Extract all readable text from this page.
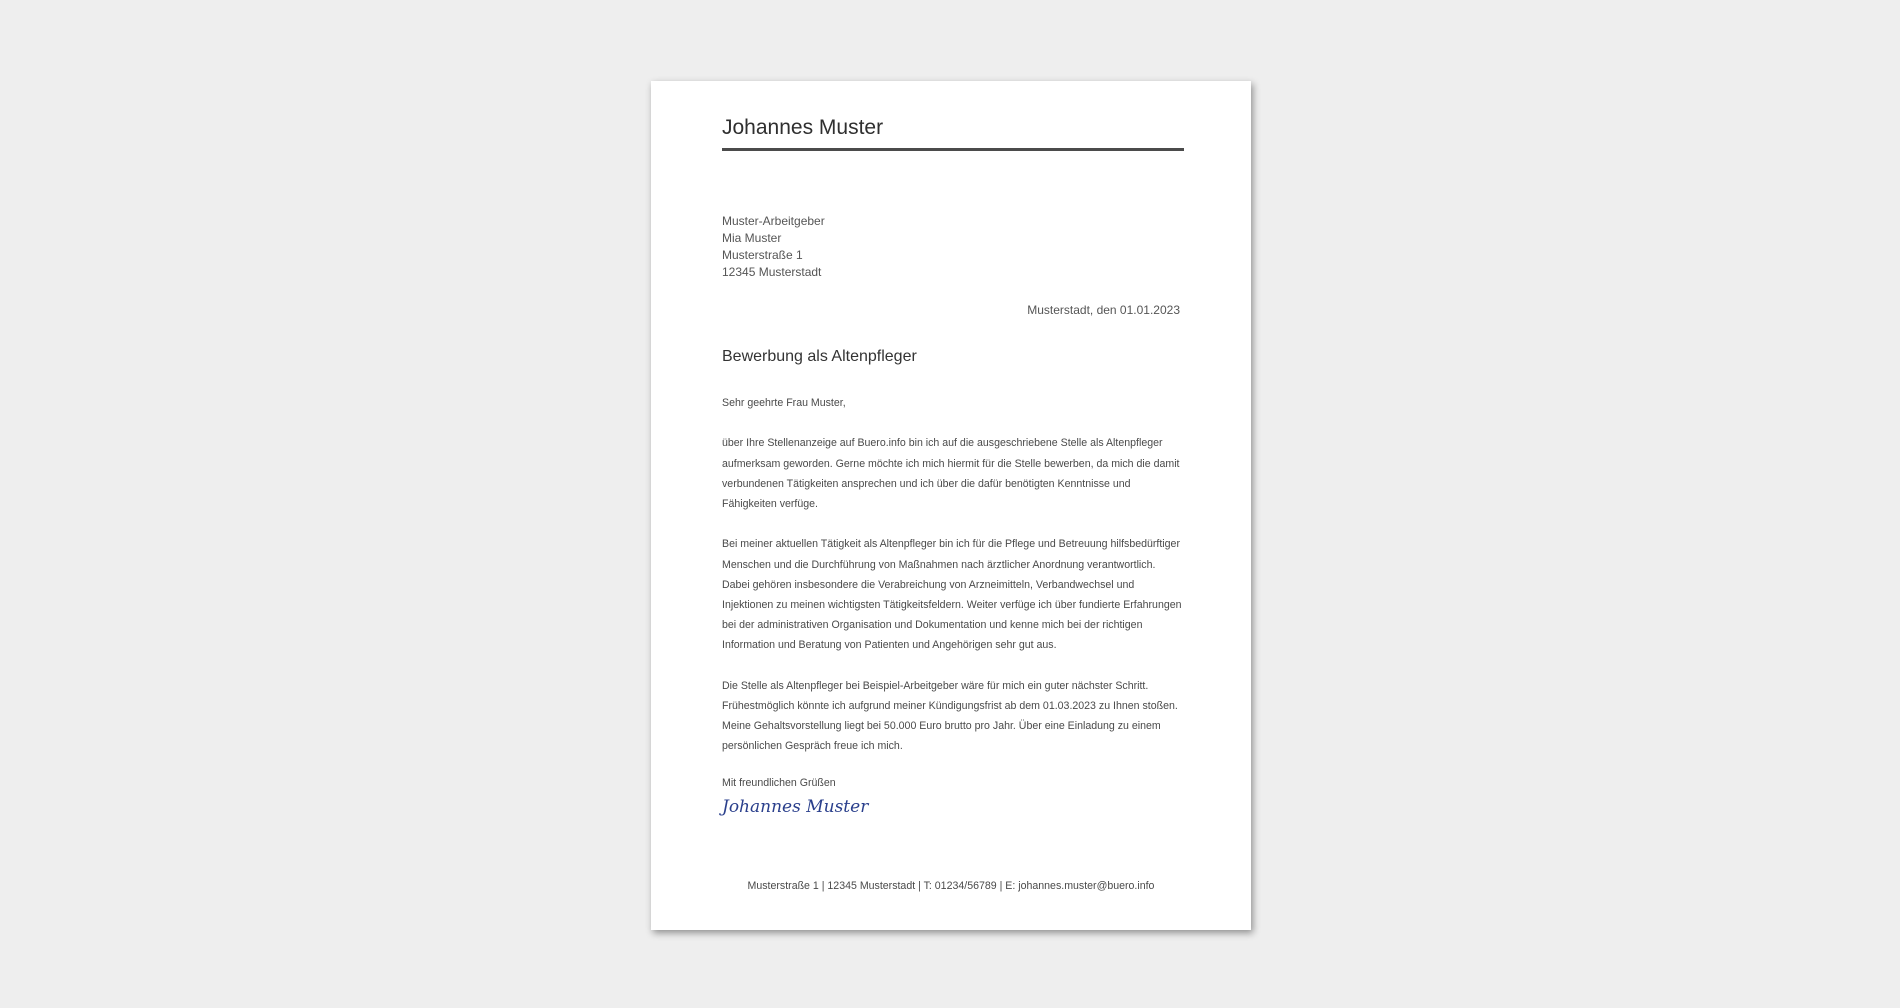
Johannes Muster
Muster-Arbeitgeber
Mia Muster
Musterstraße 1
12345 Musterstadt
Musterstadt, den 01.01.2023
Bewerbung als Altenpfleger

Sehr geehrte Frau Muster,

über Ihre Stellenanzeige auf Buero.info bin ich auf die ausgeschriebene Stelle als Altenpfleger aufmerksam geworden. Gerne möchte ich mich hiermit für die Stelle bewerben, da mich die damit verbundenen Tätigkeiten ansprechen und ich über die dafür benötigten Kenntnisse und Fähigkeiten verfüge.

Bei meiner aktuellen Tätigkeit als Altenpfleger bin ich für die Pflege und Betreuung hilfsbedürftiger Menschen und die Durchführung von Maßnahmen nach ärztlicher Anordnung verantwortlich. Dabei gehören insbesondere die Verabreichung von Arzneimitteln, Verbandwechsel und Injektionen zu meinen wichtigsten Tätigkeitsfeldern. Weiter verfüge ich über fundierte Erfahrungen bei der administrativen Organisation und Dokumentation und kenne mich bei der richtigen Information und Beratung von Patienten und Angehörigen sehr gut aus.

Die Stelle als Altenpfleger bei Beispiel-Arbeitgeber wäre für mich ein guter nächster Schritt. Frühestmöglich könnte ich aufgrund meiner Kündigungsfrist ab dem 01.03.2023 zu Ihnen stoßen. Meine Gehaltsvorstellung liegt bei 50.000 Euro brutto pro Jahr. Über eine Einladung zu einem persönlichen Gespräch freue ich mich.

Mit freundlichen Grüßen
Johannes Muster
Musterstraße 1 | 12345 Musterstadt | T: 01234/56789 | E: johannes.muster@buero.info
